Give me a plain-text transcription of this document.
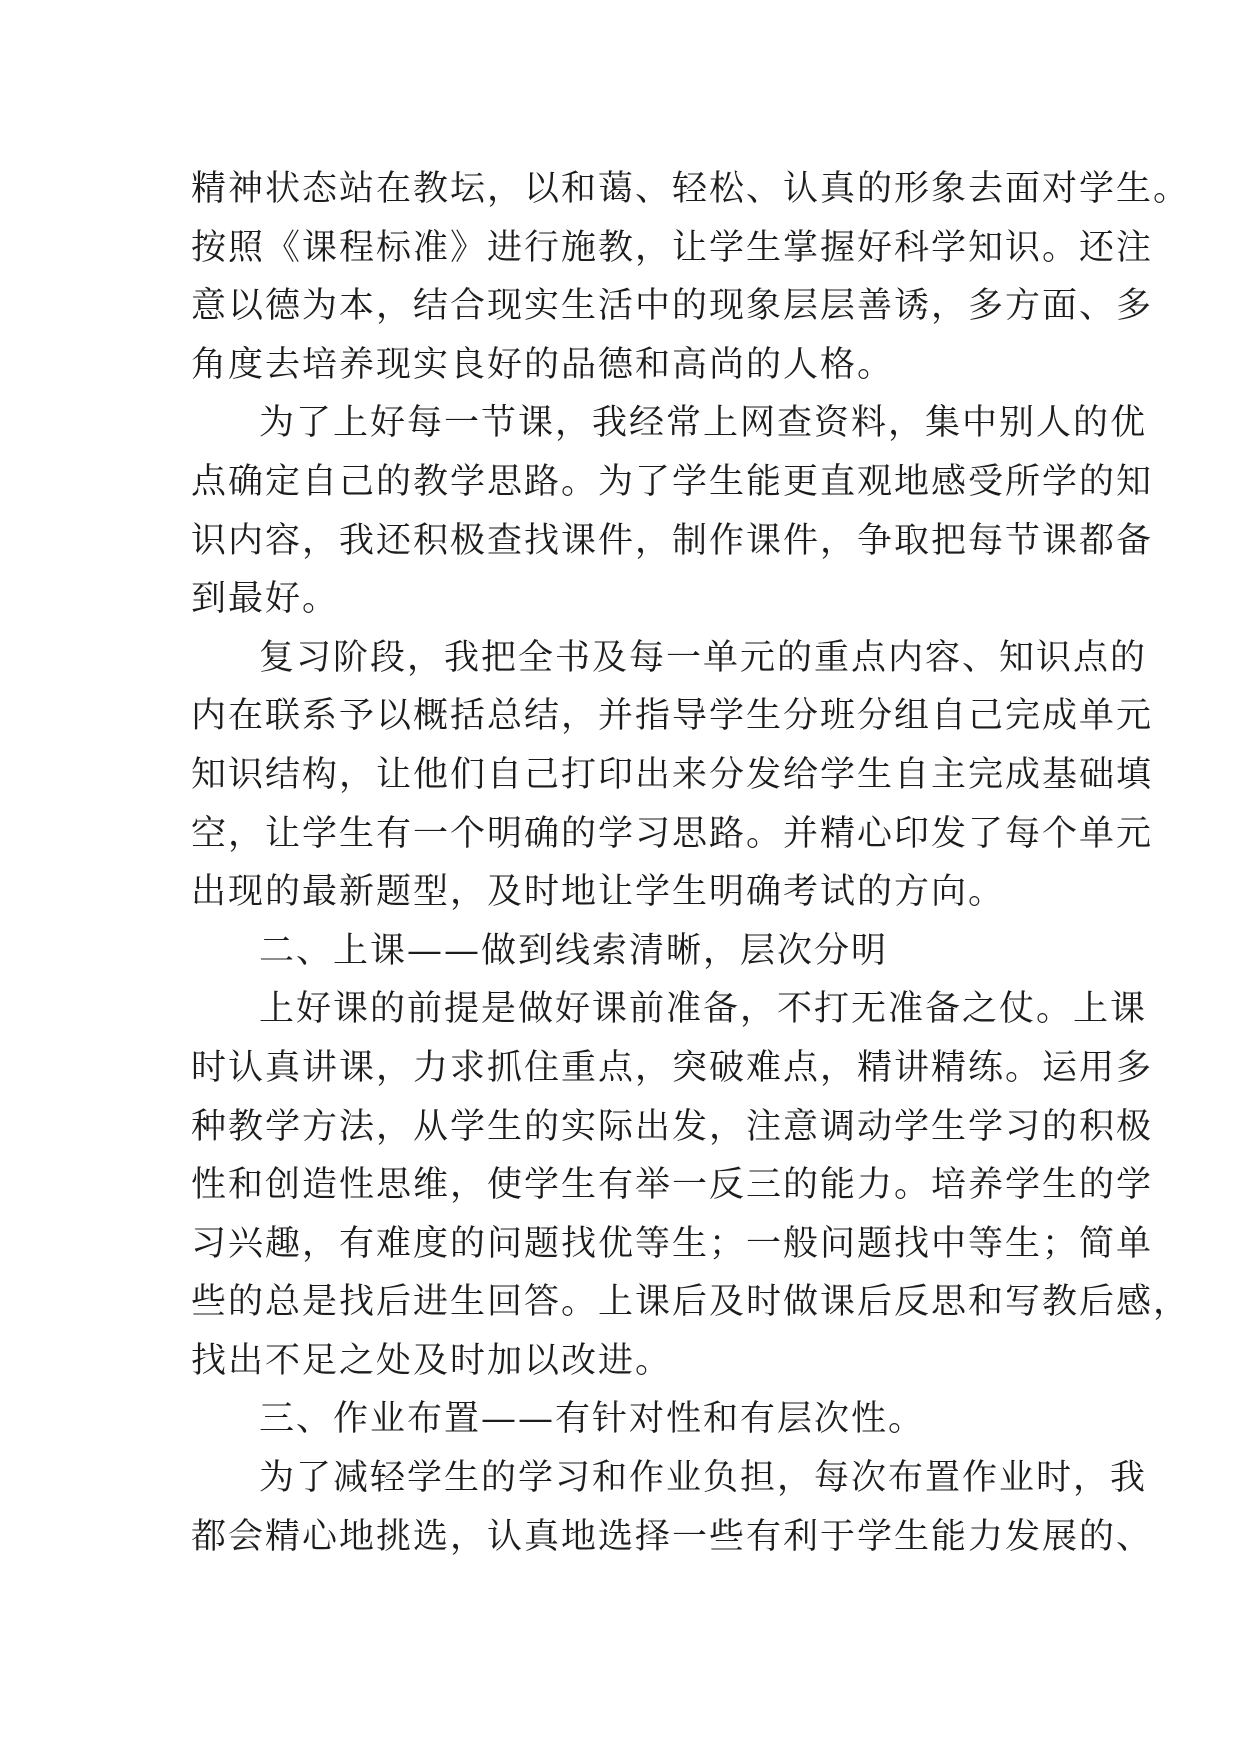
精神状态站在教坛，以和蔼、轻松、认真的形象去面对学生。
按照《课程标准》进行施教，让学生掌握好科学知识。还注
意以德为本，结合现实生活中的现象层层善诱，多方面、多
角度去培养现实良好的品德和高尚的人格。
为了上好每一节课，我经常上网查资料，集中别人的优
点确定自己的教学思路。为了学生能更直观地感受所学的知
识内容，我还积极查找课件，制作课件，争取把每节课都备
到最好。
复习阶段，我把全书及每一单元的重点内容、知识点的
内在联系予以概括总结，并指导学生分班分组自己完成单元
知识结构，让他们自己打印出来分发给学生自主完成基础填
空，让学生有一个明确的学习思路。并精心印发了每个单元
出现的最新题型，及时地让学生明确考试的方向。
二、上课——做到线索清晰，层次分明
上好课的前提是做好课前准备，不打无准备之仗。上课
时认真讲课，力求抓住重点，突破难点，精讲精练。运用多
种教学方法，从学生的实际出发，注意调动学生学习的积极
性和创造性思维，使学生有举一反三的能力。培养学生的学
习兴趣，有难度的问题找优等生；一般问题找中等生；简单
些的总是找后进生回答。上课后及时做课后反思和写教后感，
找出不足之处及时加以改进。
三、作业布置——有针对性和有层次性。
为了减轻学生的学习和作业负担，每次布置作业时，我
都会精心地挑选，认真地选择一些有利于学生能力发展的、
